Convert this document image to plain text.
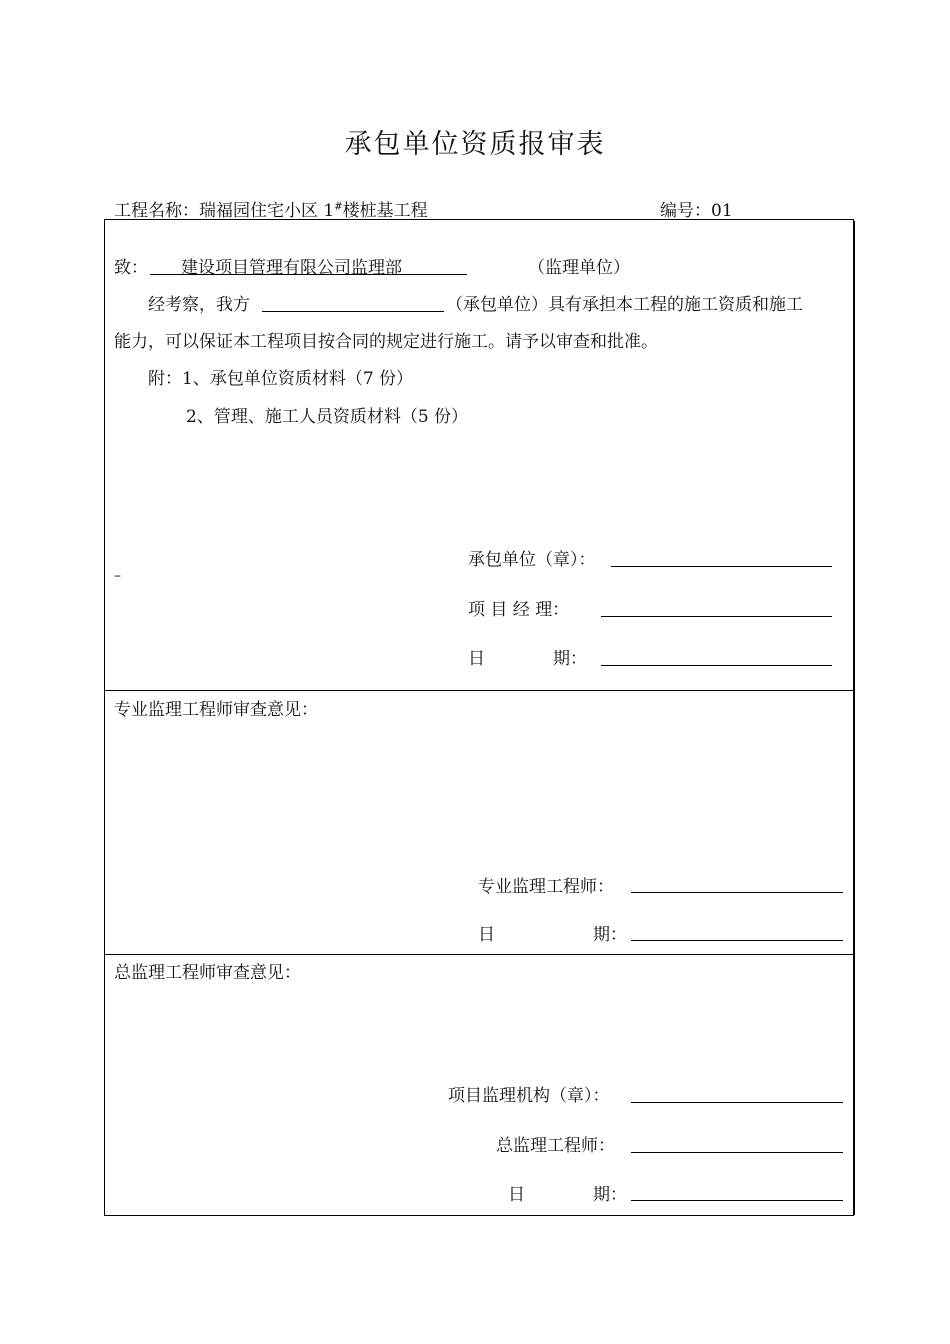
承包单位资质报审表
工程名称：瑞福园住宅小区 1#楼桩基工程	编号：01
致： 建设项目管理有限公司监理部	（监理单位）
经考察，我方	（承包单位）具有承担本工程的施工资质和施工
能力，可以保证本工程项目按合同的规定进行施工。请予以审查和批准。
附：1、承包单位资质材料（7 份）
2、管理、施工人员资质材料（5 份）
–
承包单位（章）：
项 目 经 理：
日	期：
专业监理工程师审查意见：
专业监理工程师：
日	期：
总监理工程师审查意见：
项目监理机构（章）：
总监理工程师：
日	期：
